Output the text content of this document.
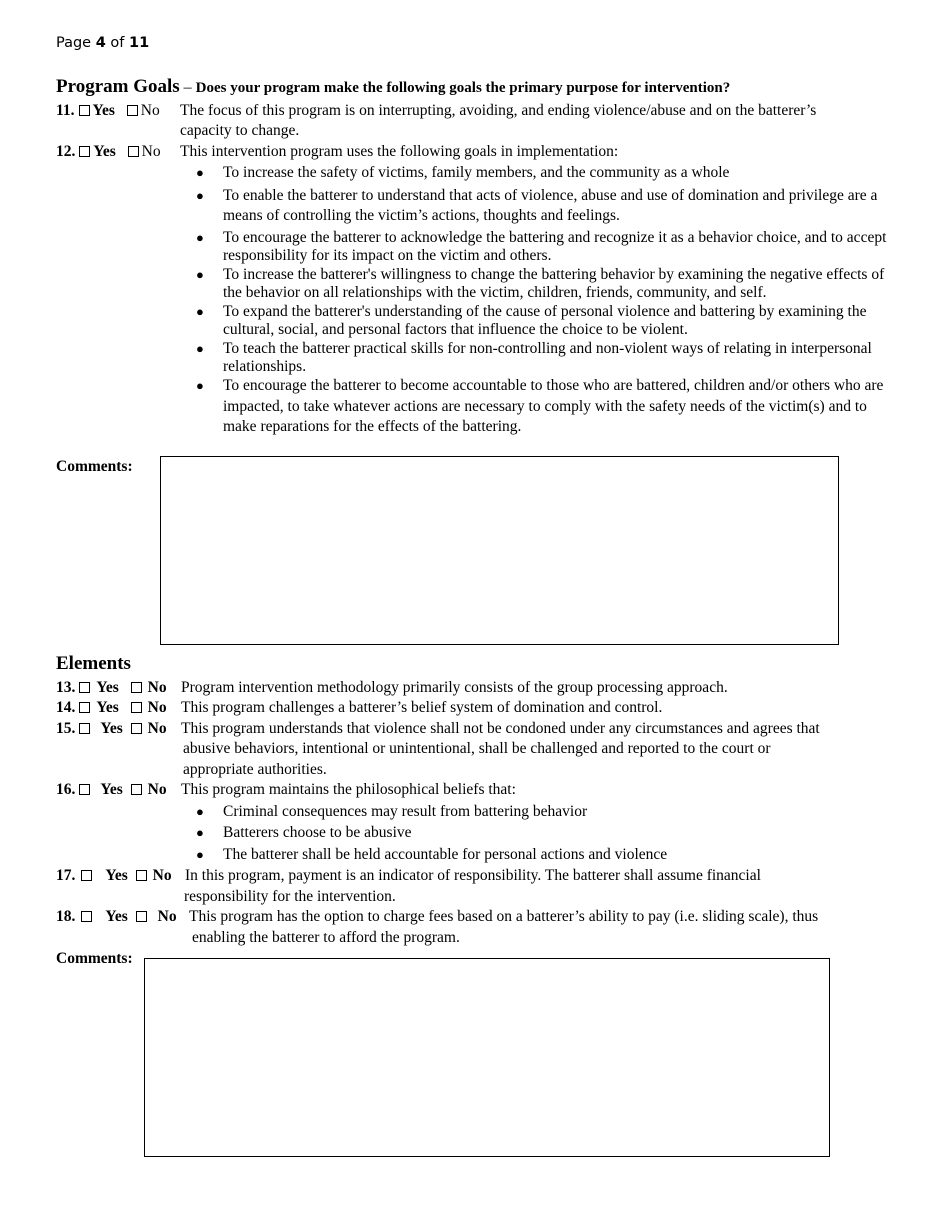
Page 4 of 11
Program Goals – Does your program make the following goals the primary purpose for intervention?
11. Yes No The focus of this program is on interrupting, avoiding, and ending violence/abuse and on the batterer’s
capacity to change.
12. Yes No This intervention program uses the following goals in implementation:
● To increase the safety of victims, family members, and the community as a whole
● To enable the batterer to understand that acts of violence, abuse and use of domination and privilege are a
means of controlling the victim’s actions, thoughts and feelings.
● To encourage the batterer to acknowledge the battering and recognize it as a behavior choice, and to accept
responsibility for its impact on the victim and others.
● To increase the batterer's willingness to change the battering behavior by examining the negative effects of
the behavior on all relationships with the victim, children, friends, community, and self.
● To expand the batterer's understanding of the cause of personal violence and battering by examining the
cultural, social, and personal factors that influence the choice to be violent.
● To teach the batterer practical skills for non-controlling and non-violent ways of relating in interpersonal
relationships.
● To encourage the batterer to become accountable to those who are battered, children and/or others who are
impacted, to take whatever actions are necessary to comply with the safety needs of the victim(s) and to
make reparations for the effects of the battering.
Comments:
Elements
13. Yes No Program intervention methodology primarily consists of the group processing approach.
14. Yes No This program challenges a batterer’s belief system of domination and control.
15. Yes No This program understands that violence shall not be condoned under any circumstances and agrees that
abusive behaviors, intentional or unintentional, shall be challenged and reported to the court or
appropriate authorities.
16. Yes No This program maintains the philosophical beliefs that:
● Criminal consequences may result from battering behavior
● Batterers choose to be abusive
● The batterer shall be held accountable for personal actions and violence
17. Yes No In this program, payment is an indicator of responsibility. The batterer shall assume financial
responsibility for the intervention.
18. Yes No This program has the option to charge fees based on a batterer’s ability to pay (i.e. sliding scale), thus
enabling the batterer to afford the program.
Comments:
